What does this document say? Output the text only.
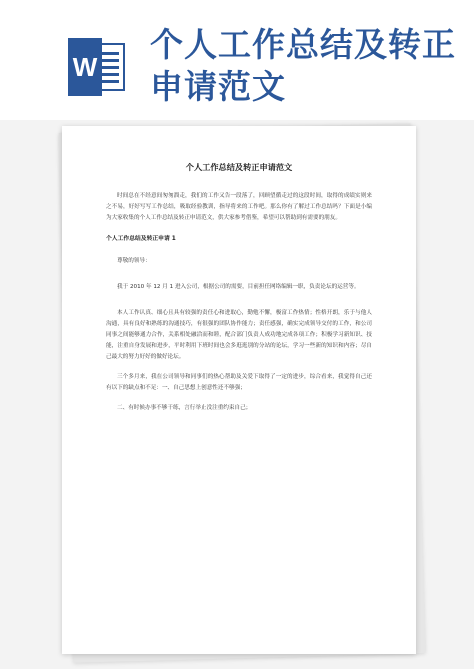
W
个人工作总结及转正申请范文
个人工作总结及转正申请范文
时间总在不经意间匆匆溜走，我们的工作又告一段落了，回顾望循走过的这段时间，取得的成绩实则来之不易，好好写写工作总结，吸取经验教训，指导将来的工作吧。那么你有了解过工作总结吗？下面是小编为大家收集的个人工作总结及转正申请范文，供大家参考借鉴，希望可以帮助到有需要的朋友。
个人工作总结及转正申请 1
尊敬的领导：
我于 2010 年 12 月 1 进入公司，根据公司的需要，目前担任网络编辑一职，负责论坛的运营等。
本人工作认真、细心且具有较强的责任心和进取心，勤勉不懈，极富工作热情；性格开朗，乐于与他人沟通，具有良好和熟练的沟通技巧，有很强的团队协作能力；责任感强，确实完成领导交付的工作，和公司同事之间能够通力合作，关系相处融洽而和睦，配合部门负责人成功地完成各项工作；积极学习新知识、技能，注重自身发展和进步，平时利用下班时间也会多逛逛别的分站的论坛，学习一些新的知识和内容；尽自己最大的努力好好的做好论坛。
三个多月来，我在公司领导和同事们的热心帮助及关爱下取得了一定的进步，综合看来，我觉得自己还有以下的缺点和不足：一、自己思想上创意性还不够强；
二、有时候办事不够干练，言行举止没注重约束自己；
